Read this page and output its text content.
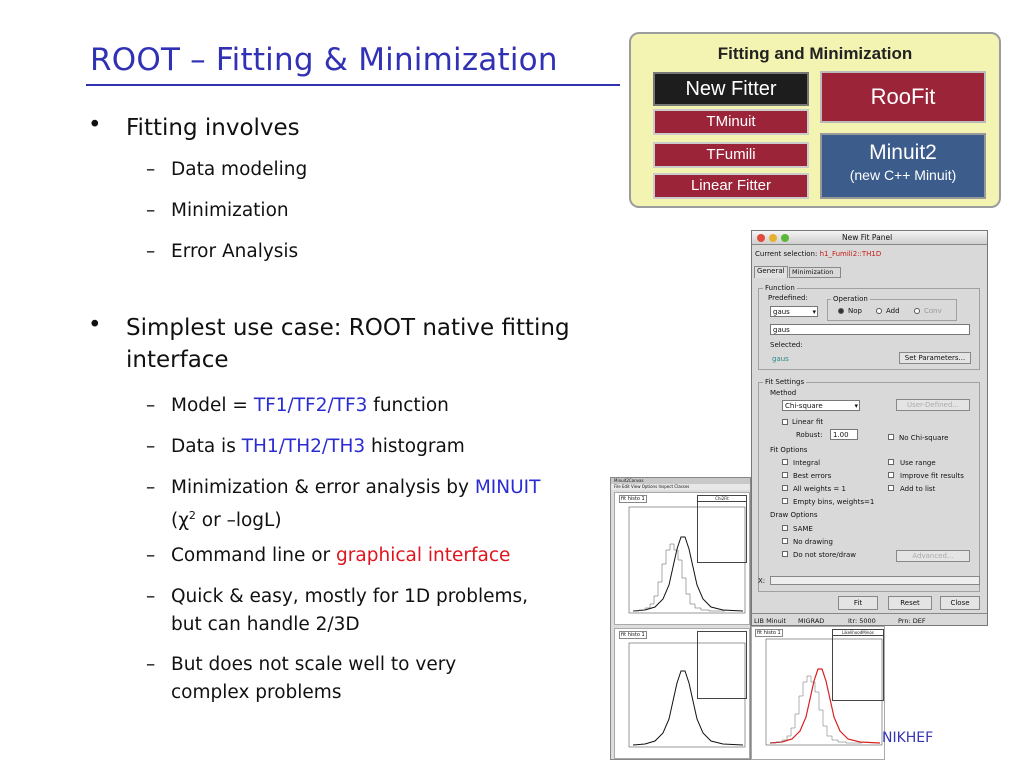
ROOT – Fitting & Minimization
• Fitting involves
– Data modeling
– Minimization
– Error Analysis
• Simplest use case: ROOT native fitting interface
– Model = TF1/TF2/TF3 function
– Data is TH1/TH2/TH3 histogram
– Minimization & error analysis by MINUIT ($\chi^2$ or –logL)
– Command line or graphical interface
– Quick & easy, mostly for 1D problems, but can handle 2/3D
– But does not scale well to very complex problems
Fitting and Minimization
New Fitter
TMinuit
TFumili
Linear Fitter
RooFit
Minuit2
(new C++ Minuit)
Minuit2Canvas
File Edit View Options Inspect Classes
fit histo 1	Chi2Fit
fit histo 1
New Fit Panel
Current selection: h1_Fumili2::TH1D
General	Minimization
Function
Predefined:
gaus	▾
Operation
Nop	Add	Conv
gaus
Selected:
gaus	Set Parameters...
Fit Settings
Method
Chi-square	▾	User-Defined...
Linear fit
Robust:	1.00	No Chi-square
Fit Options
Integral	Use range
Best errors	Improve fit results
All weights = 1	Add to list
Empty bins, weights=1
Draw Options
SAME
No drawing
Do not store/draw	Advanced...
X:
Fit	Reset	Close
LIB Minuit MIGRAD	Itr: 5000	Prn: DEF
fit histo 1	LikelihoodMinos
NIKHEF
